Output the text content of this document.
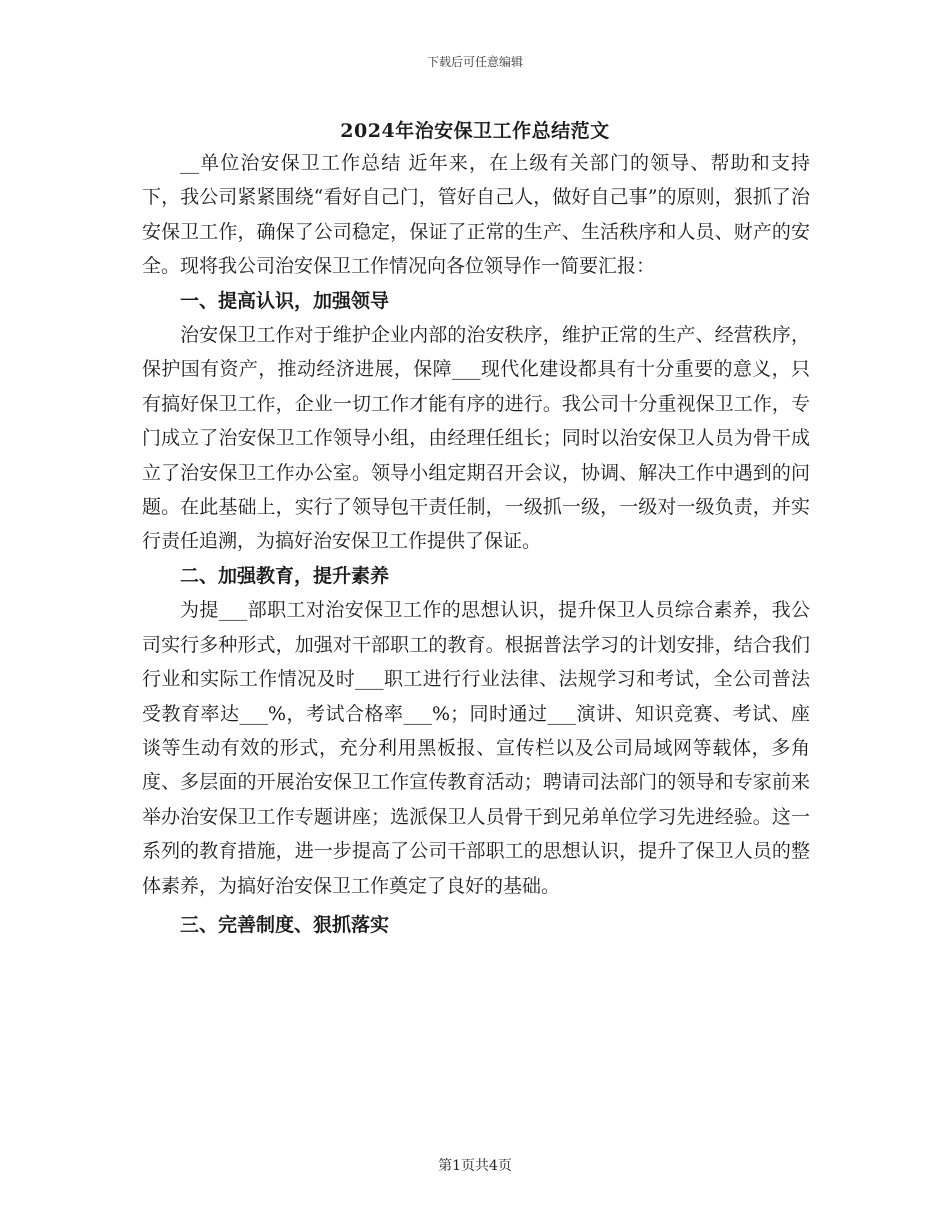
下载后可任意编辑
2024年治安保卫工作总结范文

__单位治安保卫工作总结 近年来，在上级有关部门的领导、帮助和支持下，我公司紧紧围绕“看好自己门，管好自己人，做好自己事”的原则，狠抓了治安保卫工作，确保了公司稳定，保证了正常的生产、生活秩序和人员、财产的安全。现将我公司治安保卫工作情况向各位领导作一简要汇报：

一、提高认识，加强领导

治安保卫工作对于维护企业内部的治安秩序，维护正常的生产、经营秩序，保护国有资产，推动经济进展，保障___现代化建设都具有十分重要的意义，只有搞好保卫工作，企业一切工作才能有序的进行。我公司十分重视保卫工作，专门成立了治安保卫工作领导小组，由经理任组长；同时以治安保卫人员为骨干成立了治安保卫工作办公室。领导小组定期召开会议，协调、解决工作中遇到的问题。在此基础上，实行了领导包干责任制，一级抓一级，一级对一级负责，并实行责任追溯，为搞好治安保卫工作提供了保证。

二、加强教育，提升素养

为提___部职工对治安保卫工作的思想认识，提升保卫人员综合素养，我公司实行多种形式，加强对干部职工的教育。根据普法学习的计划安排，结合我们行业和实际工作情况及时___职工进行行业法律、法规学习和考试，全公司普法受教育率达___%，考试合格率___%；同时通过___演讲、知识竞赛、考试、座谈等生动有效的形式，充分利用黑板报、宣传栏以及公司局域网等载体，多角度、多层面的开展治安保卫工作宣传教育活动；聘请司法部门的领导和专家前来举办治安保卫工作专题讲座；选派保卫人员骨干到兄弟单位学习先进经验。这一系列的教育措施，进一步提高了公司干部职工的思想认识，提升了保卫人员的整体素养，为搞好治安保卫工作奠定了良好的基础。

三、完善制度、狠抓落实

第1页共4页
